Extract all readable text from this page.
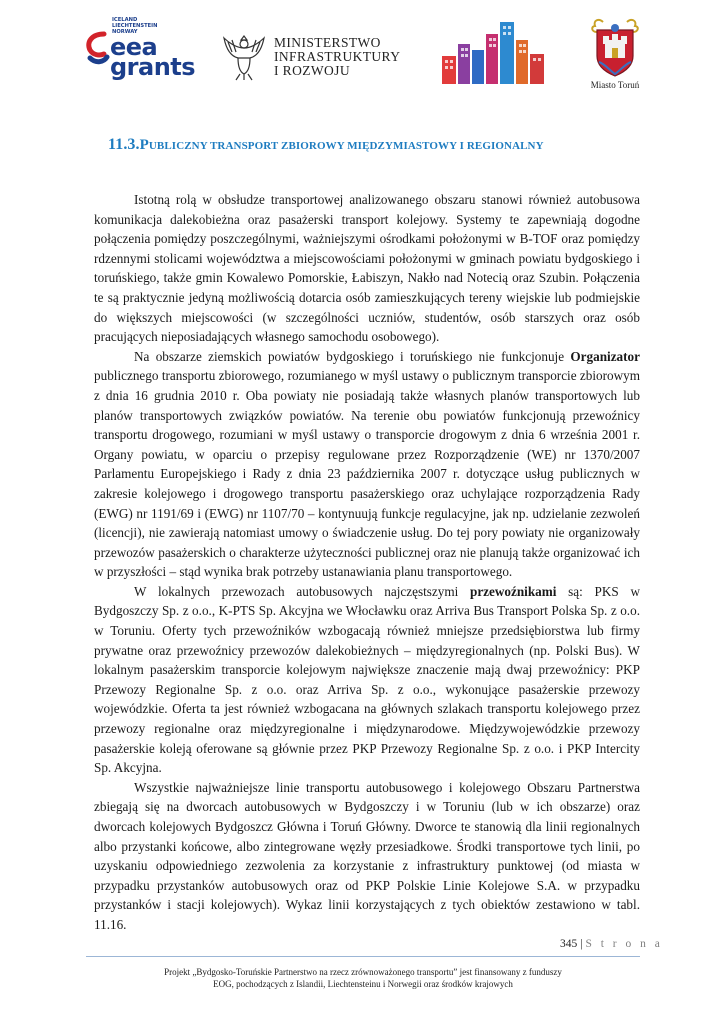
ICELAND
LIECHTENSTEIN
NORWAY
eea
grants
MINISTERSTWO
INFRASTRUKTURY
I ROZWOJU
Miasto Toruń
11.3.PUBLICZNY TRANSPORT ZBIOROWY MIĘDZYMIASTOWY I REGIONALNY

Istotną rolą w obsłudze transportowej analizowanego obszaru stanowi również autobusowa komunikacja dalekobieżna oraz pasażerski transport kolejowy. Systemy te zapewniają dogodne połączenia pomiędzy poszczególnymi, ważniejszymi ośrodkami położonymi w B-TOF oraz pomiędzy rdzennymi stolicami województwa a miejscowościami położonymi w gminach powiatu bydgoskiego i toruńskiego, także gmin Kowalewo Pomorskie, Łabiszyn, Nakło nad Notecią oraz Szubin. Połączenia te są praktycznie jedyną możliwością dotarcia osób zamieszkujących tereny wiejskie lub podmiejskie do większych miejscowości (w szczególności uczniów, studentów, osób starszych oraz osób pracujących nieposiadających własnego samochodu osobowego).

Na obszarze ziemskich powiatów bydgoskiego i toruńskiego nie funkcjonuje Organizator publicznego transportu zbiorowego, rozumianego w myśl ustawy o publicznym transporcie zbiorowym z dnia 16 grudnia 2010 r. Oba powiaty nie posiadają także własnych planów transportowych lub planów transportowych związków powiatów. Na terenie obu powiatów funkcjonują przewoźnicy transportu drogowego, rozumiani w myśl ustawy o transporcie drogowym z dnia 6 września 2001 r. Organy powiatu, w oparciu o przepisy regulowane przez Rozporządzenie (WE) nr 1370/2007 Parlamentu Europejskiego i Rady z dnia 23 października 2007 r. dotyczące usług publicznych w zakresie kolejowego i drogowego transportu pasażerskiego oraz uchylające rozporządzenia Rady (EWG) nr 1191/69 i (EWG) nr 1107/70 – kontynuują funkcje regulacyjne, jak np. udzielanie zezwoleń (licencji), nie zawierają natomiast umowy o świadczenie usług. Do tej pory powiaty nie organizowały przewozów pasażerskich o charakterze użyteczności publicznej oraz nie planują także organizować ich w przyszłości – stąd wynika brak potrzeby ustanawiania planu transportowego.

W lokalnych przewozach autobusowych najczęstszymi przewoźnikami są: PKS w Bydgoszczy Sp. z o.o., K-PTS Sp. Akcyjna we Włocławku oraz Arriva Bus Transport Polska Sp. z o.o. w Toruniu. Oferty tych przewoźników wzbogacają również mniejsze przedsiębiorstwa lub firmy prywatne oraz przewoźnicy przewozów dalekobieżnych – międzyregionalnych (np. Polski Bus). W lokalnym pasażerskim transporcie kolejowym największe znaczenie mają dwaj przewoźnicy: PKP Przewozy Regionalne Sp. z o.o. oraz Arriva Sp. z o.o., wykonujące pasażerskie przewozy wojewódzkie. Oferta ta jest również wzbogacana na głównych szlakach transportu kolejowego przez przewozy regionalne oraz międzyregionalne i międzynarodowe. Międzywojewódzkie przewozy pasażerskie koleją oferowane są głównie przez PKP Przewozy Regionalne Sp. z o.o. i PKP Intercity Sp. Akcyjna.

Wszystkie najważniejsze linie transportu autobusowego i kolejowego Obszaru Partnerstwa zbiegają się na dworcach autobusowych w Bydgoszczy i w Toruniu (lub w ich obszarze) oraz dworcach kolejowych Bydgoszcz Główna i Toruń Główny. Dworce te stanowią dla linii regionalnych albo przystanki końcowe, albo zintegrowane węzły przesiadkowe. Środki transportowe tych linii, po uzyskaniu odpowiedniego zezwolenia za korzystanie z infrastruktury punktowej (od miasta w przypadku przystanków autobusowych oraz od PKP Polskie Linie Kolejowe S.A. w przypadku przystanków i stacji kolejowych). Wykaz linii korzystających z tych obiektów zestawiono w tabl. 11.16.

345 | S t r o n a
Projekt „Bydgosko-Toruńskie Partnerstwo na rzecz zrównoważonego transportu” jest finansowany z funduszy
EOG, pochodzących z Islandii, Liechtensteinu i Norwegii oraz środków krajowych
